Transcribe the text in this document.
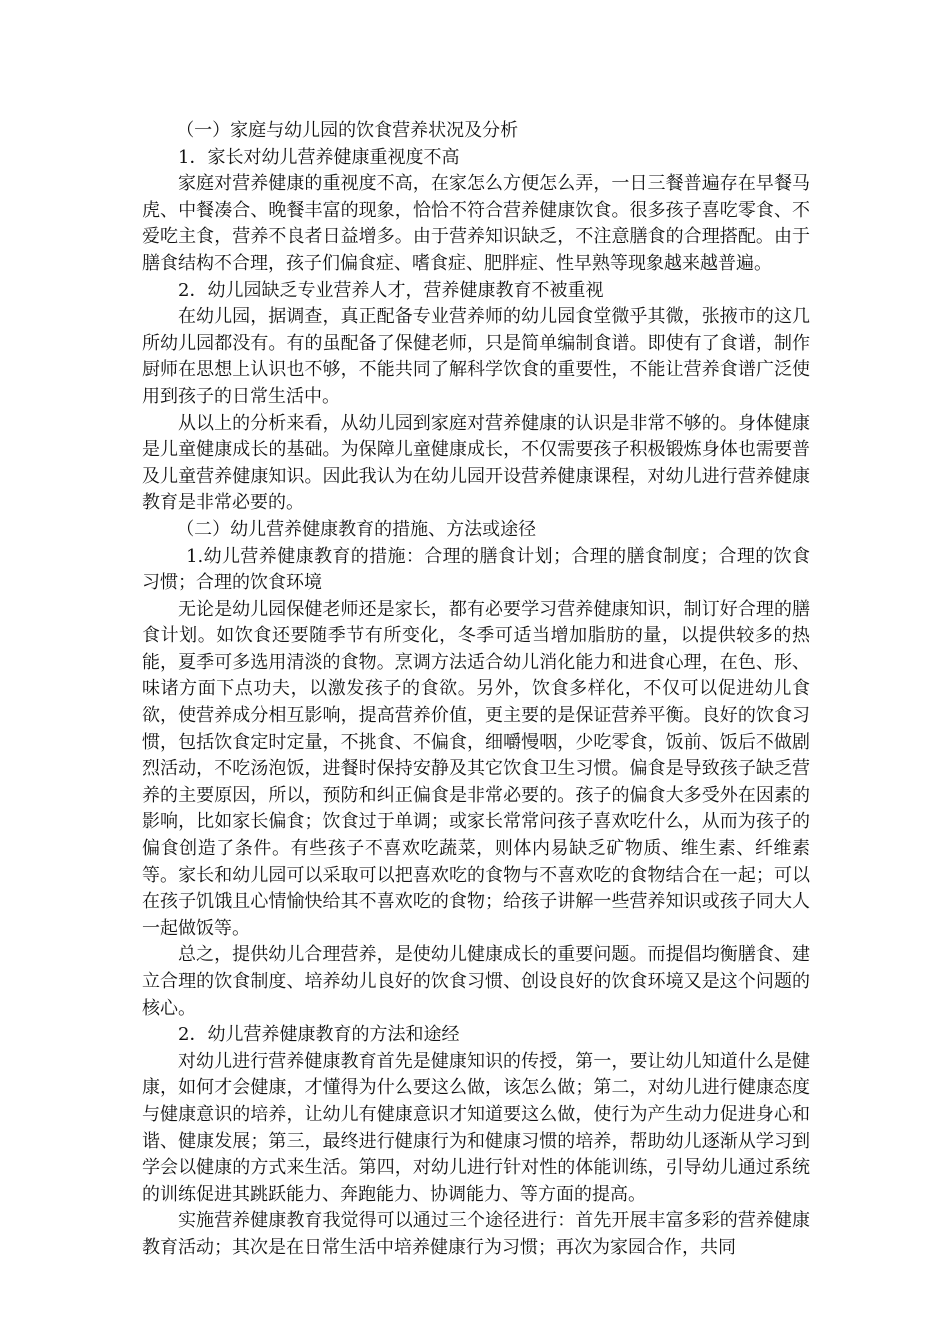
（一）家庭与幼儿园的饮食营养状况及分析

1．家长对幼儿营养健康重视度不高

家庭对营养健康的重视度不高，在家怎么方便怎么弄，一日三餐普遍存在早餐马虎、中餐凑合、晚餐丰富的现象，恰恰不符合营养健康饮食。很多孩子喜吃零食、不爱吃主食，营养不良者日益增多。由于营养知识缺乏，不注意膳食的合理搭配。由于膳食结构不合理，孩子们偏食症、嗜食症、肥胖症、性早熟等现象越来越普遍。

2．幼儿园缺乏专业营养人才，营养健康教育不被重视

在幼儿园，据调查，真正配备专业营养师的幼儿园食堂微乎其微，张掖市的这几所幼儿园都没有。有的虽配备了保健老师，只是简单编制食谱。即使有了食谱，制作厨师在思想上认识也不够，不能共同了解科学饮食的重要性，不能让营养食谱广泛使用到孩子的日常生活中。

从以上的分析来看，从幼儿园到家庭对营养健康的认识是非常不够的。身体健康是儿童健康成长的基础。为保障儿童健康成长，不仅需要孩子积极锻炼身体也需要普及儿童营养健康知识。因此我认为在幼儿园开设营养健康课程，对幼儿进行营养健康教育是非常必要的。

（二）幼儿营养健康教育的措施、方法或途径

1.幼儿营养健康教育的措施：合理的膳食计划；合理的膳食制度；合理的饮食习惯；合理的饮食环境

无论是幼儿园保健老师还是家长，都有必要学习营养健康知识，制订好合理的膳食计划。如饮食还要随季节有所变化，冬季可适当增加脂肪的量，以提供较多的热能，夏季可多选用清淡的食物。烹调方法适合幼儿消化能力和进食心理，在色、形、味诸方面下点功夫，以激发孩子的食欲。另外，饮食多样化，不仅可以促进幼儿食欲，使营养成分相互影响，提高营养价值，更主要的是保证营养平衡。良好的饮食习惯，包括饮食定时定量，不挑食、不偏食，细嚼慢咽，少吃零食，饭前、饭后不做剧烈活动，不吃汤泡饭，进餐时保持安静及其它饮食卫生习惯。偏食是导致孩子缺乏营养的主要原因，所以，预防和纠正偏食是非常必要的。孩子的偏食大多受外在因素的影响，比如家长偏食；饮食过于单调；或家长常常问孩子喜欢吃什么，从而为孩子的偏食创造了条件。有些孩子不喜欢吃蔬菜，则体内易缺乏矿物质、维生素、纤维素等。家长和幼儿园可以采取可以把喜欢吃的食物与不喜欢吃的食物结合在一起；可以在孩子饥饿且心情愉快给其不喜欢吃的食物；给孩子讲解一些营养知识或孩子同大人一起做饭等。

总之，提供幼儿合理营养，是使幼儿健康成长的重要问题。而提倡均衡膳食、建立合理的饮食制度、培养幼儿良好的饮食习惯、创设良好的饮食环境又是这个问题的核心。

2．幼儿营养健康教育的方法和途经

对幼儿进行营养健康教育首先是健康知识的传授，第一，要让幼儿知道什么是健康，如何才会健康，才懂得为什么要这么做，该怎么做；第二，对幼儿进行健康态度与健康意识的培养，让幼儿有健康意识才知道要这么做，使行为产生动力促进身心和谐、健康发展；第三，最终进行健康行为和健康习惯的培养，帮助幼儿逐渐从学习到学会以健康的方式来生活。第四，对幼儿进行针对性的体能训练，引导幼儿通过系统的训练促进其跳跃能力、奔跑能力、协调能力、等方面的提高。

实施营养健康教育我觉得可以通过三个途径进行：首先开展丰富多彩的营养健康教育活动；其次是在日常生活中培养健康行为习惯；再次为家园合作，共同
